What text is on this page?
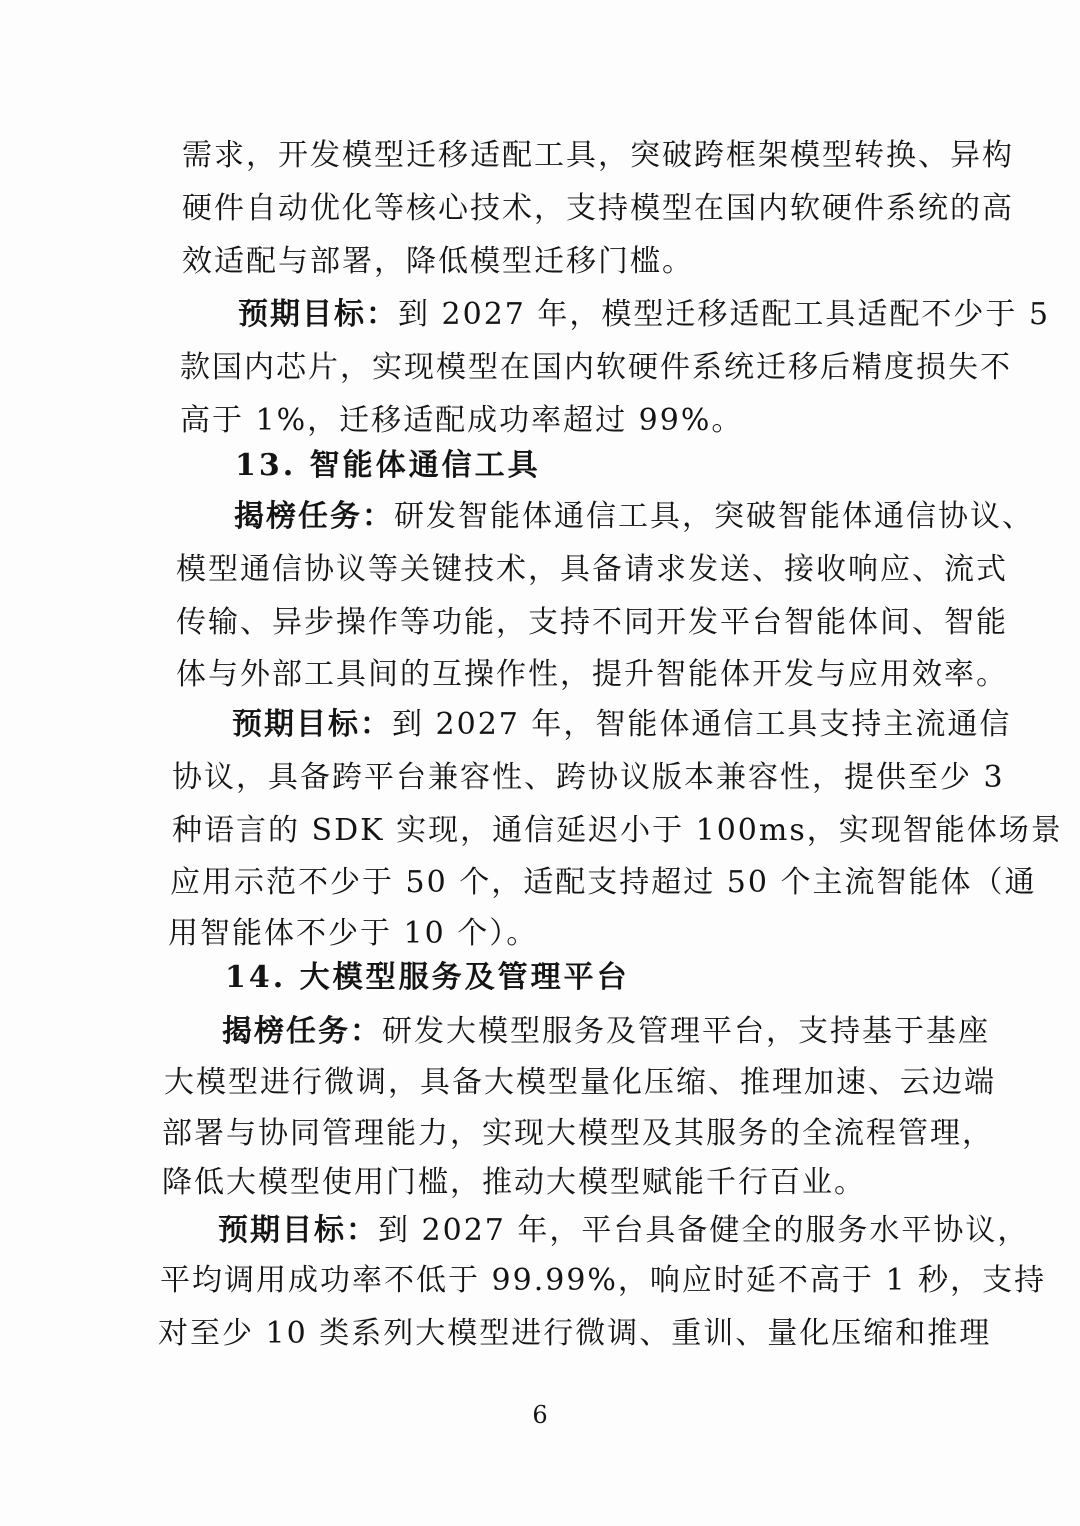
需求，开发模型迁移适配工具，突破跨框架模型转换、异构
硬件自动优化等核心技术，支持模型在国内软硬件系统的高
效适配与部署，降低模型迁移门槛。
预期目标：到 2027 年，模型迁移适配工具适配不少于 5
款国内芯片，实现模型在国内软硬件系统迁移后精度损失不
高于 1%，迁移适配成功率超过 99%。
13. 智能体通信工具
揭榜任务：研发智能体通信工具，突破智能体通信协议、
模型通信协议等关键技术，具备请求发送、接收响应、流式
传输、异步操作等功能，支持不同开发平台智能体间、智能
体与外部工具间的互操作性，提升智能体开发与应用效率。
预期目标：到 2027 年，智能体通信工具支持主流通信
协议，具备跨平台兼容性、跨协议版本兼容性，提供至少 3
种语言的 SDK 实现，通信延迟小于 100ms，实现智能体场景
应用示范不少于 50 个，适配支持超过 50 个主流智能体（通
用智能体不少于 10 个）。
14. 大模型服务及管理平台
揭榜任务：研发大模型服务及管理平台，支持基于基座
大模型进行微调，具备大模型量化压缩、推理加速、云边端
部署与协同管理能力，实现大模型及其服务的全流程管理，
降低大模型使用门槛，推动大模型赋能千行百业。
预期目标：到 2027 年，平台具备健全的服务水平协议，
平均调用成功率不低于 99.99%，响应时延不高于 1 秒，支持
对至少 10 类系列大模型进行微调、重训、量化压缩和推理
6
